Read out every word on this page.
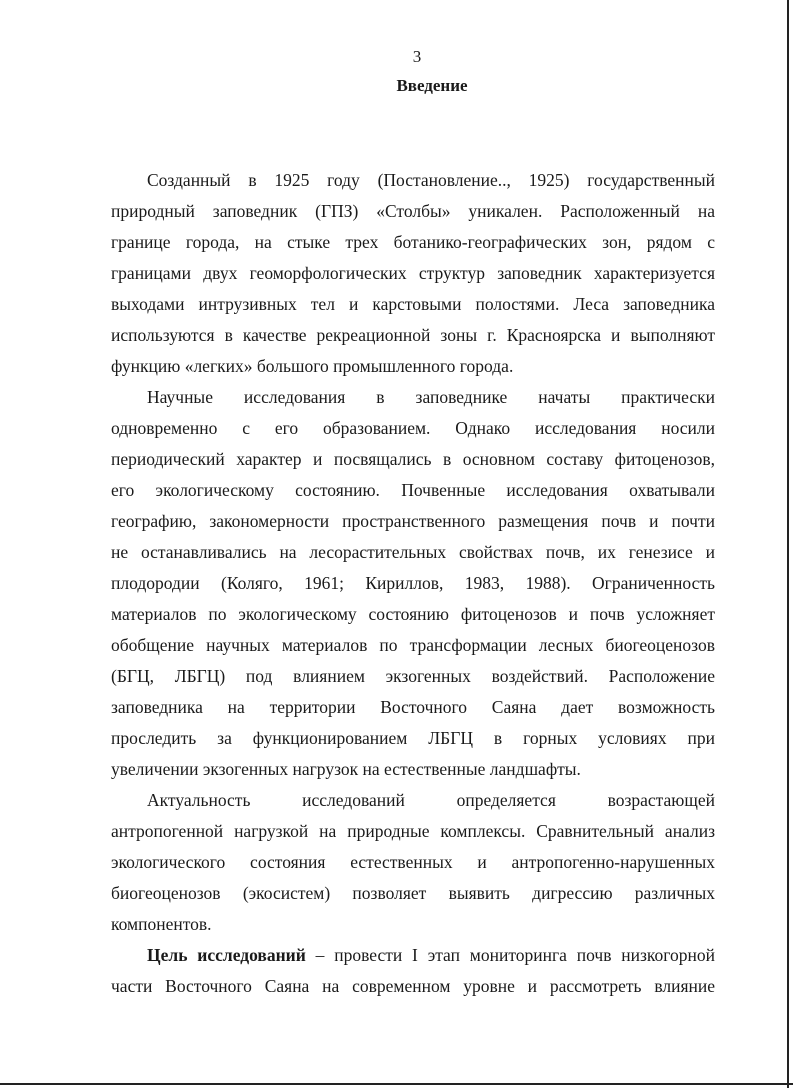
3
Введение
Созданный в 1925 году (Постановление.., 1925) государственный
природный заповедник (ГПЗ) «Столбы» уникален. Расположенный на
границе города, на стыке трех ботанико-географических зон, рядом с
границами двух геоморфологических структур заповедник характеризуется
выходами интрузивных тел и карстовыми полостями. Леса заповедника
используются в качестве рекреационной зоны г. Красноярска и выполняют
функцию «легких» большого промышленного города.
Научные исследования в заповеднике начаты практически
одновременно с его образованием. Однако исследования носили
периодический характер и посвящались в основном составу фитоценозов,
его экологическому состоянию. Почвенные исследования охватывали
географию, закономерности пространственного размещения почв и почти
не останавливались на лесорастительных свойствах почв, их генезисе и
плодородии (Коляго, 1961; Кириллов, 1983, 1988). Ограниченность
материалов по экологическому состоянию фитоценозов и почв усложняет
обобщение научных материалов по трансформации лесных биогеоценозов
(БГЦ, ЛБГЦ) под влиянием экзогенных воздействий. Расположение
заповедника на территории Восточного Саяна дает возможность
проследить за функционированием ЛБГЦ в горных условиях при
увеличении экзогенных нагрузок на естественные ландшафты.
Актуальность исследований определяется возрастающей
антропогенной нагрузкой на природные комплексы. Сравнительный анализ
экологического состояния естественных и антропогенно-нарушенных
биогеоценозов (экосистем) позволяет выявить дигрессию различных
компонентов.
Цель исследований – провести I этап мониторинга почв низкогорной
части Восточного Саяна на современном уровне и рассмотреть влияние
